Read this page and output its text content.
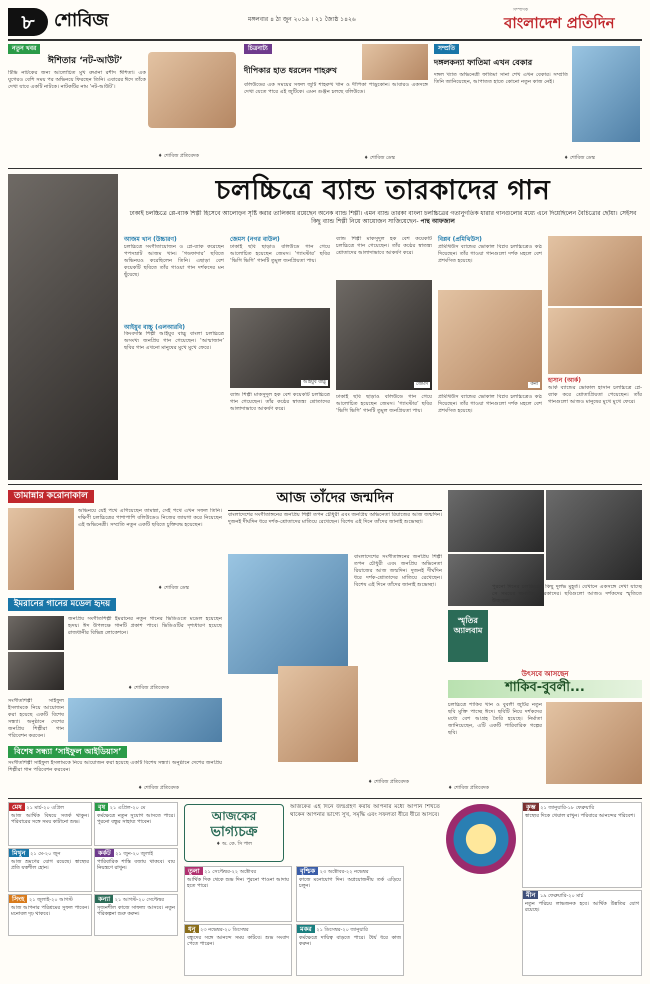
৮	শোবিজ	মঙ্গলবার ৪ ঠা জুন ২০১৯ । ২১ জ্যৈষ্ঠ ১৪২৬
সম্পাদক
বাংলাদেশ প্রতিদিন
নতুন খবর
ঈশিতার ‘নট-আউট’
টিভি নাটকের জন্য আলোচিত মুখ রুমানা রশীদ ঈশিতা। এক যুগেরও বেশি সময় পর অভিনয়ে ফিরছেন তিনি। এবারের ঈদে তাঁকে দেখা যাবে একটি নাটকে। নাটকটির নাম ‘নট-আউট’।
♦ শোবিজ প্রতিবেদক
চিত্রনাট্য
দীপিকার হাত ধরলেন শাহরুখ
বলিউডের এক সময়ের সফল জুটি শাহরুখ খান ও দীপিকা পাড়ুকোন। আবারও একসঙ্গে দেখা যেতে পারে এই জুটিকে। এমন গুঞ্জন চলছে বলিউডে।
♦ শোবিজ ডেস্ক
সম্প্রতি
দঙ্গলকন্যা ফাতিমা এখন বেকার
দঙ্গল খ্যাত অভিনেত্রী ফাতিমা সানা শেখ এখন বেকার। সম্প্রতি তিনি জানিয়েছেন, আপাতত হাতে কোনো নতুন কাজ নেই।
♦ শোবিজ ডেস্ক
চলচ্চিত্রে ব্যান্ড তারকাদের গান
ঢাকাই চলচ্চিত্রে প্লে-ব্যাক শিল্পী হিসেবে আলোড়ন সৃষ্টি করার তালিকায় রয়েছেন অনেক ব্যান্ড শিল্পী। এমন ব্যান্ড তারকা বাংলা চলচ্চিত্রের গতানুগতিক ধারার গানগুলোর মধ্যে এনে দিয়েছিলেন বৈচিত্র্যের ছোঁয়া। সেইসব কিছু ব্যান্ড শিল্পী নিয়ে আয়োজন সাজিয়েছেন- পান্থ আফজাল
আজম খান (উচ্চারণ)
চলচ্চিত্রে সংগীতায়োজন ও প্লে-ব্যাক করেছেন পপসম্রাট আজম খান। ‘গডফাদার’ ছবিতে অভিনয়ও করেছিলেন তিনি। এছাড়া বেশ কয়েকটি ছবিতে তাঁর গাওয়া গান দর্শকদের মন ছুঁয়েছে।
আইয়ুব বাচ্চু (এলআরবি)
কিংবদন্তি শিল্পী আইয়ুব বাচ্চু বাংলা চলচ্চিত্রে অসংখ্য জনপ্রিয় গান গেয়েছেন। ‘আম্মাজান’ ছবির গান এখনো মানুষের মুখে মুখে ফেরে।
জেমস (নগর বাউল)
ঢাকাই ছবি ছাড়াও বলিউডে গান গেয়ে আলোচিত হয়েছেন জেমস। ‘গ্যাংস্টার’ ছবির ‘ভিগি ভিগি’ গানটি তুমুল জনপ্রিয়তা পায়।
আইয়ুব বাচ্চু
ব্যান্ড শিল্পী মাকসুদুল হক বেশ কয়েকটি চলচ্চিত্রে গান গেয়েছেন। তাঁর কণ্ঠের স্বাতন্ত্র্য শ্রোতাদের আলাদাভাবে আকর্ষণ করে।
ব্যান্ড শিল্পী মাকসুদুল হক বেশ কয়েকটি চলচ্চিত্রে গান গেয়েছেন। তাঁর কণ্ঠের স্বাতন্ত্র্য শ্রোতাদের আলাদাভাবে আকর্ষণ করে।
জেমস
ঢাকাই ছবি ছাড়াও বলিউডে গান গেয়ে আলোচিত হয়েছেন জেমস। ‘গ্যাংস্টার’ ছবির ‘ভিগি ভিগি’ গানটি তুমুল জনপ্রিয়তা পায়।
বিপ্লব (প্রমিথিউস)
প্রমিথিউস ব্যান্ডের ভোকাল বিপ্লব চলচ্চিত্রেও কণ্ঠ দিয়েছেন। তাঁর গাওয়া গানগুলো দর্শক মহলে বেশ প্রশংসিত হয়েছে।
কনা
প্রমিথিউস ব্যান্ডের ভোকাল বিপ্লব চলচ্চিত্রেও কণ্ঠ দিয়েছেন। তাঁর গাওয়া গানগুলো দর্শক মহলে বেশ প্রশংসিত হয়েছে।
হাসান (আর্ক)
আর্ক ব্যান্ডের ভোকাল হাসান চলচ্চিত্রে প্লে-ব্যাক করে শ্রোতাপ্রিয়তা পেয়েছেন। তাঁর গানগুলো আজও মানুষের মুখে মুখে ফেরে।
তামান্নার করোনাকাল
অভিনয়ে যেই পথে এগিয়েছেন তামান্না, সেই পথে এখন সফল তিনি। দক্ষিণী চলচ্চিত্রের পাশাপাশি বলিউডেও নিজের জায়গা করে নিয়েছেন এই অভিনেত্রী। সম্প্রতি নতুন একটি ছবিতে চুক্তিবদ্ধ হয়েছেন।
♦ শোবিজ ডেস্ক
ইমরানের গানের মডেল হৃদয়
জনপ্রিয় সংগীতশিল্পী ইমরানের নতুন গানের ভিডিওতে মডেল হয়েছেন হৃদয়। ঈদ উপলক্ষে গানটি প্রকাশ পাবে। ভিডিওটির দৃশ্যধারণ হয়েছে রাজধানীর বিভিন্ন লোকেশনে।
♦ শোবিজ প্রতিবেদক
সংগীতশিল্পী সাইফুল ইসলামকে নিয়ে আয়োজন করা হয়েছে একটি বিশেষ সন্ধ্যা। অনুষ্ঠানে দেশের জনপ্রিয় শিল্পীরা গান পরিবেশন করবেন।
বিশেষ সন্ধ্যা ‘সাইফুল আইডিয়াস’
সংগীতশিল্পী সাইফুল ইসলামকে নিয়ে আয়োজন করা হয়েছে একটি বিশেষ সন্ধ্যা। অনুষ্ঠানে দেশের জনপ্রিয় শিল্পীরা গান পরিবেশন করবেন।
♦ শোবিজ প্রতিবেদক
আজ তাঁদের জন্মদিন
বাংলাদেশের সংগীতাঙ্গনের জনপ্রিয় শিল্পী তপন চৌধুরী এবং জনপ্রিয় অভিনেতা রিয়াজের আজ জন্মদিন। দুজনই দীর্ঘদিন ধরে দর্শক-শ্রোতাদের মাতিয়ে রেখেছেন। বিশেষ এই দিনে তাঁদের জানাই শুভেচ্ছা।
বাংলাদেশের সংগীতাঙ্গনের জনপ্রিয় শিল্পী তপন চৌধুরী এবং জনপ্রিয় অভিনেতা রিয়াজের আজ জন্মদিন। দুজনই দীর্ঘদিন ধরে দর্শক-শ্রোতাদের মাতিয়ে রেখেছেন। বিশেষ এই দিনে তাঁদের জানাই শুভেচ্ছা।
♦ শোবিজ প্রতিবেদক
স্মৃতির
অ্যালবাম
পুরনো দিনের চলচ্চিত্রের কিছু দুর্লভ মুহূর্ত। যেখানে একসঙ্গে দেখা যাচ্ছে সে সময়ের জনপ্রিয় তারকাদের। ছবিগুলো আজও দর্শকদের স্মৃতিতে উজ্জ্বল।
উৎসবে আসছেন
শাকিব-বুবলী...
চলচ্চিত্রে শাকিব খান ও বুবলী জুটির নতুন ছবি মুক্তি পাচ্ছে ঈদে। ছবিটি নিয়ে দর্শকদের মধ্যে বেশ আগ্রহ তৈরি হয়েছে। নির্মাতা জানিয়েছেন, এটি একটি পারিবারিক গল্পের ছবি।
♦ শোবিজ প্রতিবেদক
আজকের
ভাগ্যচক্র
♦ অ. কে. সি পাল
আজকের এই দিনে জন্মগ্রহণ করায় আপনার মধ্যে আপনি শিখতে থাকেন আপনার ভাগ্যে সুখ, সমৃদ্ধি এবং সফলতা ধীরে ধীরে আসবে।
মেষ ২১ মার্চ-২০ এপ্রিল
আজ আর্থিক বিষয়ে সতর্ক থাকুন। পরিবারের সঙ্গে সময় কাটানো শুভ।
বৃষ ২১ এপ্রিল-২০ মে
কর্মক্ষেত্রে নতুন সুযোগ আসতে পারে। পুরনো বন্ধুর সাহায্য পাবেন।
মিথুন ২১ মে-২০ জুন
আজ ভ্রমণের যোগ রয়েছে। স্বাস্থ্যের প্রতি যত্নশীল হোন।
কর্কট ২১ জুন-২০ জুলাই
পারিবারিক শান্তি বজায় থাকবে। ব্যয় নিয়ন্ত্রণে রাখুন।
সিংহ ২১ জুলাই-২০ আগস্ট
আজ আপনার পরিশ্রমের সুফল পাবেন। মনোবল দৃঢ় থাকবে।
কন্যা ২১ আগস্ট-২০ সেপ্টেম্বর
সৃজনশীল কাজে সাফল্য আসবে। নতুন পরিকল্পনা শুরু করুন।
তুলা ২১ সেপ্টেম্বর-২২ অক্টোবর
আর্থিক দিক থেকে শুভ দিন। পুরনো পাওনা আদায় হতে পারে।
বৃশ্চিক ২৩ অক্টোবর-২২ নভেম্বর
কাজে মনোযোগ দিন। অপ্রয়োজনীয় তর্ক এড়িয়ে চলুন।
ধনু ২৩ নভেম্বর-২০ ডিসেম্বর
বন্ধুদের সঙ্গে আনন্দে সময় কাটবে। শুভ সংবাদ পেতে পারেন।
মকর ২১ ডিসেম্বর-২০ জানুয়ারি
কর্মক্ষেত্রে দায়িত্ব বাড়তে পারে। ধৈর্য ধরে কাজ করুন।
কুম্ভ ২১ জানুয়ারি-১৮ ফেব্রুয়ারি
স্বাস্থ্যের দিকে খেয়াল রাখুন। পরিবারে আনন্দের পরিবেশ।
মীন ১৯ ফেব্রুয়ারি-২০ মার্চ
নতুন পরিচয় লাভজনক হবে। আর্থিক উন্নতির যোগ রয়েছে।
